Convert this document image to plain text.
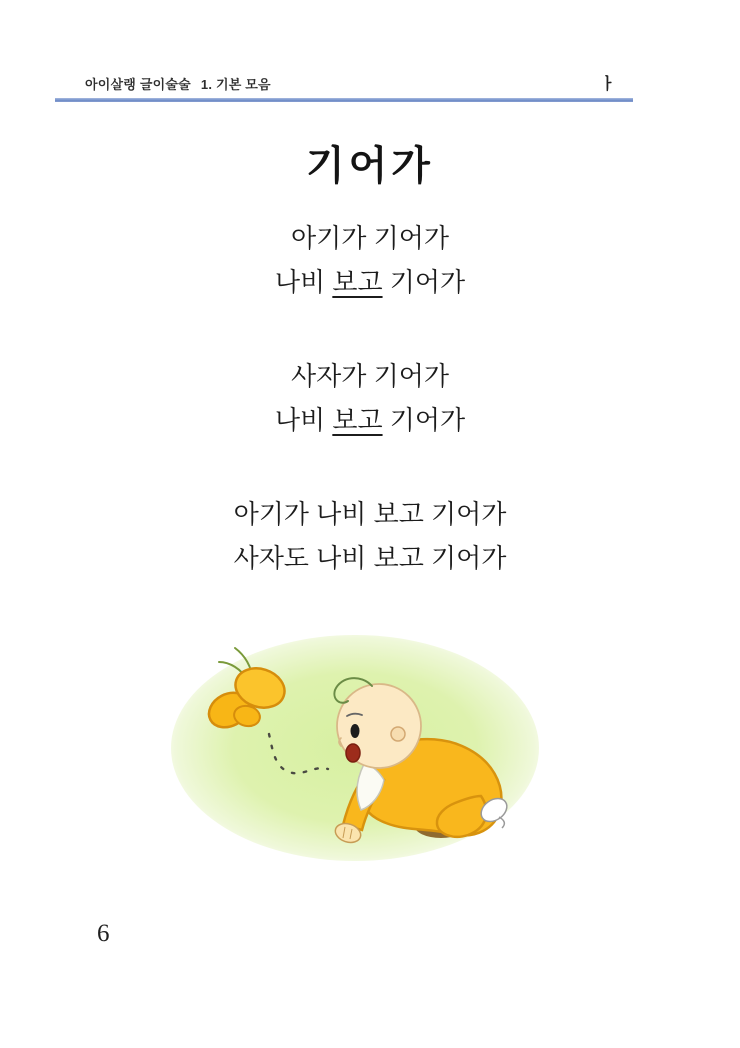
아이살랭 글이술술 1. 기본 모음	ㅏ
기어가
아기가 기어가
나비 보고 기어가
사자가 기어가
나비 보고 기어가
아기가 나비 보고 기어가
사자도 나비 보고 기어가
6
